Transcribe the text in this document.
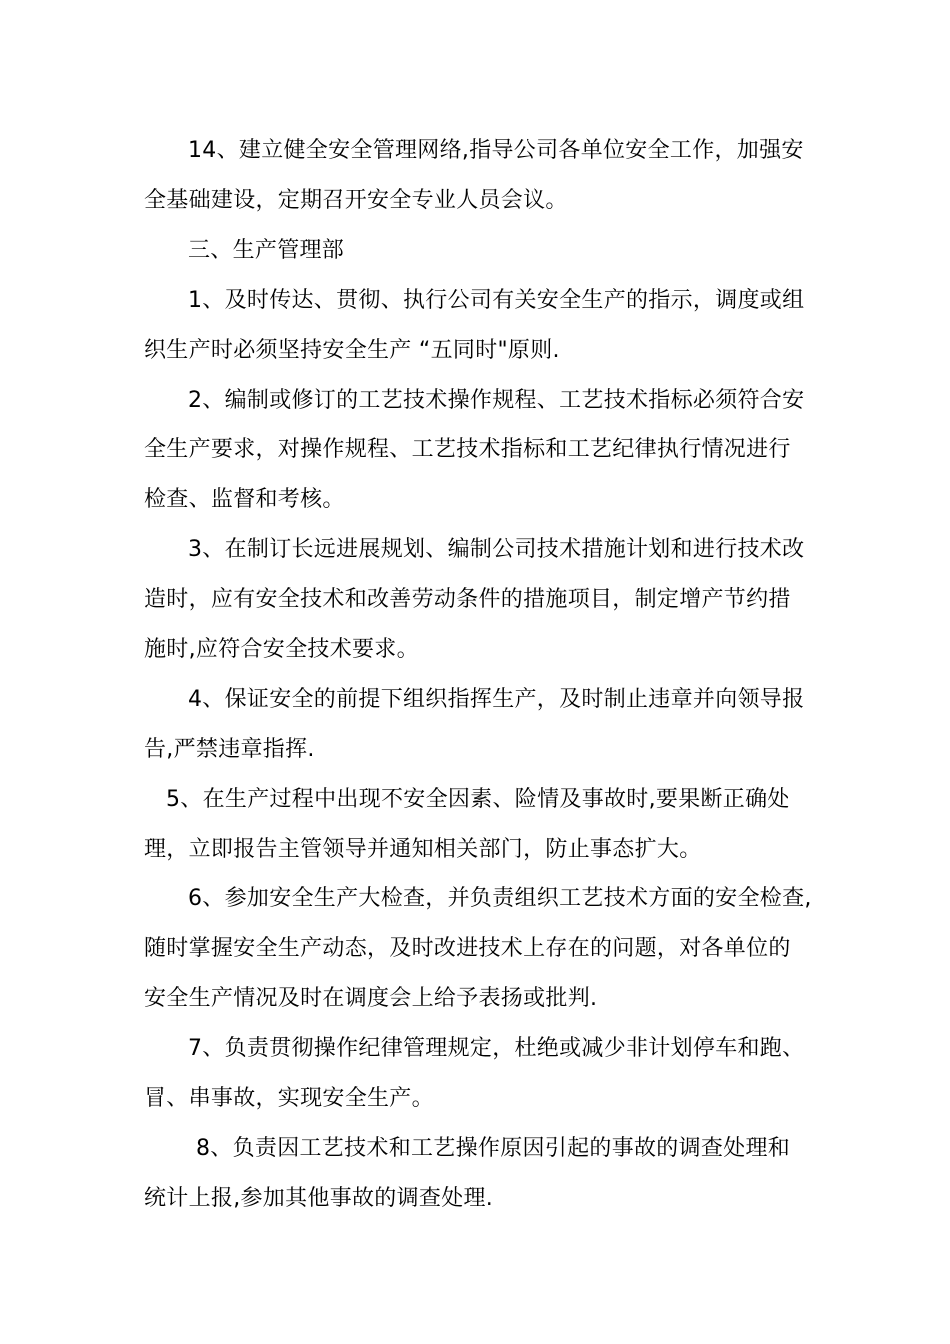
14、建立健全安全管理网络,指导公司各单位安全工作，加强安
全基础建设，定期召开安全专业人员会议。
三、生产管理部
1、及时传达、贯彻、执行公司有关安全生产的指示，调度或组
织生产时必须坚持安全生产 “五同时"原则.
2、编制或修订的工艺技术操作规程、工艺技术指标必须符合安
全生产要求，对操作规程、工艺技术指标和工艺纪律执行情况进行
检查、监督和考核。
3、在制订长远进展规划、编制公司技术措施计划和进行技术改
造时，应有安全技术和改善劳动条件的措施项目，制定增产节约措
施时,应符合安全技术要求。
4、保证安全的前提下组织指挥生产，及时制止违章并向领导报
告,严禁违章指挥.
5、在生产过程中出现不安全因素、险情及事故时,要果断正确处
理，立即报告主管领导并通知相关部门，防止事态扩大。
6、参加安全生产大检查，并负责组织工艺技术方面的安全检查,
随时掌握安全生产动态，及时改进技术上存在的问题，对各单位的
安全生产情况及时在调度会上给予表扬或批判.
7、负责贯彻操作纪律管理规定，杜绝或减少非计划停车和跑、
冒、串事故，实现安全生产。
8、负责因工艺技术和工艺操作原因引起的事故的调查处理和
统计上报,参加其他事故的调查处理.
